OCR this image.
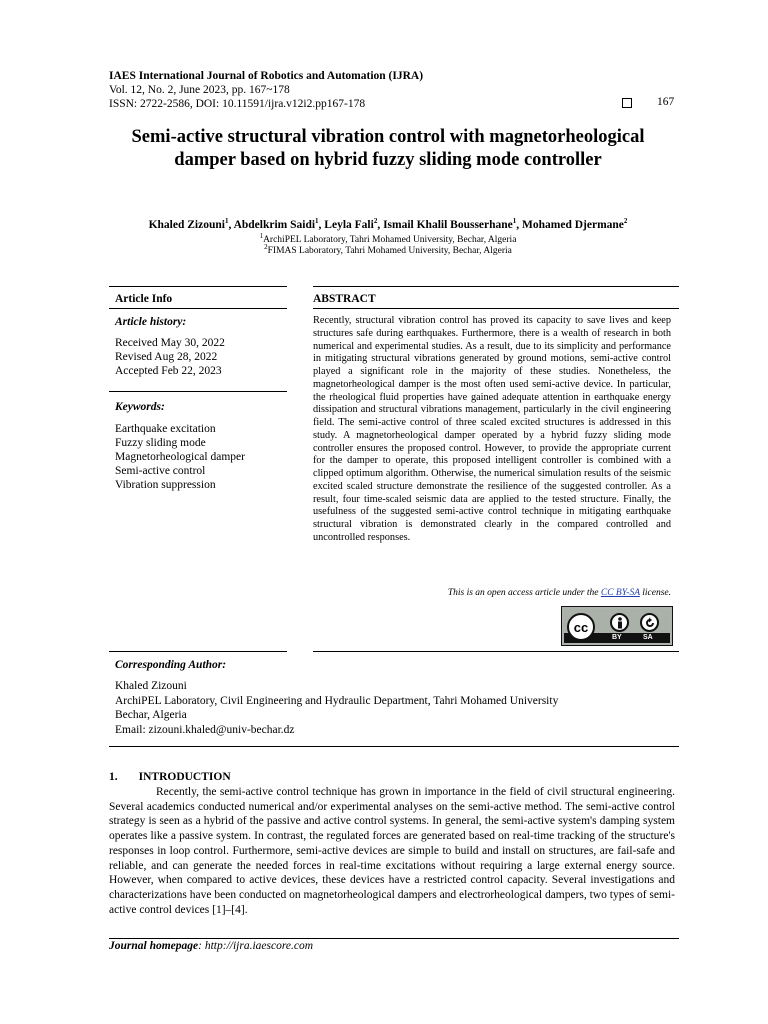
IAES International Journal of Robotics and Automation (IJRA)
Vol. 12, No. 2, June 2023, pp. 167~178
ISSN: 2722-2586, DOI: 10.11591/ijra.v12i2.pp167-178	167
Semi-active structural vibration control with magnetorheological damper based on hybrid fuzzy sliding mode controller
Khaled Zizouni$^1$, Abdelkrim Saidi$^1$, Leyla Fali$^2$, Ismail Khalil Bousserhane$^1$, Mohamed Djermane$^2$
$^1$ArchiPEL Laboratory, Tahri Mohamed University, Bechar, Algeria
$^2$FIMAS Laboratory, Tahri Mohamed University, Bechar, Algeria
Article Info	ABSTRACT
Article history:
Received May 30, 2022
Revised Aug 28, 2022
Accepted Feb 22, 2023
Keywords:
Earthquake excitation
Fuzzy sliding mode
Magnetorheological damper
Semi-active control
Vibration suppression
Recently, structural vibration control has proved its capacity to save lives and keep structures safe during earthquakes. Furthermore, there is a wealth of research in both numerical and experimental studies. As a result, due to its simplicity and performance in mitigating structural vibrations generated by ground motions, semi-active control played a significant role in the majority of these studies. Nonetheless, the magnetorheological damper is the most often used semi-active device. In particular, the rheological fluid properties have gained adequate attention in earthquake energy dissipation and structural vibrations management, particularly in the civil engineering field. The semi-active control of three scaled excited structures is addressed in this study. A magnetorheological damper operated by a hybrid fuzzy sliding mode controller ensures the proposed control. However, to provide the appropriate current for the damper to operate, this proposed intelligent controller is combined with a clipped optimum algorithm. Otherwise, the numerical simulation results of the seismic excited scaled structure demonstrate the resilience of the suggested controller. As a result, four time-scaled seismic data are applied to the tested structure. Finally, the usefulness of the suggested semi-active control technique in mitigating earthquake structural vibration is demonstrated clearly in the compared controlled and uncontrolled responses.
This is an open access article under the CC BY-SA license.
cc
BY	SA
Corresponding Author:
Khaled Zizouni
ArchiPEL Laboratory, Civil Engineering and Hydraulic Department, Tahri Mohamed University
Bechar, Algeria
Email: zizouni.khaled@univ-bechar.dz
1. INTRODUCTION

Recently, the semi-active control technique has grown in importance in the field of civil structural engineering. Several academics conducted numerical and/or experimental analyses on the semi-active method. The semi-active control strategy is seen as a hybrid of the passive and active control systems. In general, the semi-active system's damping system operates like a passive system. In contrast, the regulated forces are generated based on real-time tracking of the structure's responses in loop control. Furthermore, semi-active devices are simple to build and install on structures, are fail-safe and reliable, and can generate the needed forces in real-time excitations without requiring a large external energy source. However, when compared to active devices, these devices have a restricted control capacity. Several investigations and characterizations have been conducted on magnetorheological dampers and electrorheological dampers, two types of semi-active control devices [1]–[4].

Journal homepage: http://ijra.iaescore.com
